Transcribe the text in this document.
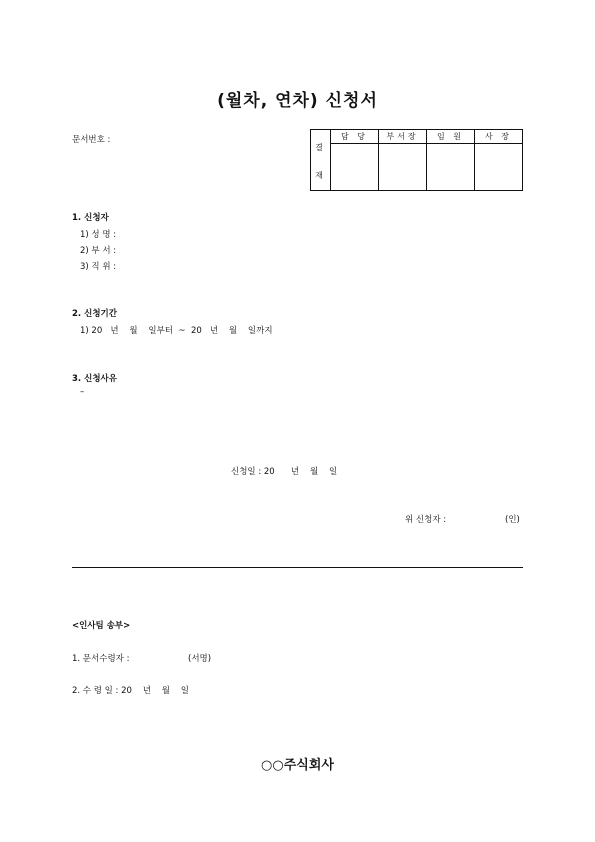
(월차, 연차) 신청서
문서번호 :
결
재	담 당	부서장	임 원	사 장

1. 신청자
1) 성 명 :
2) 부 서 :
3) 직 위 :
2. 신청기간
1) 20   년    월    일부터  ~  20   년    월    일까지
3. 신청사유
–
신청일 : 20      년    월    일
위 신청자 :	(인)
<인사팀 송부>
1. 문서수령자 :	(서명)
2. 수 령 일 : 20    년    월    일
○○주식회사
